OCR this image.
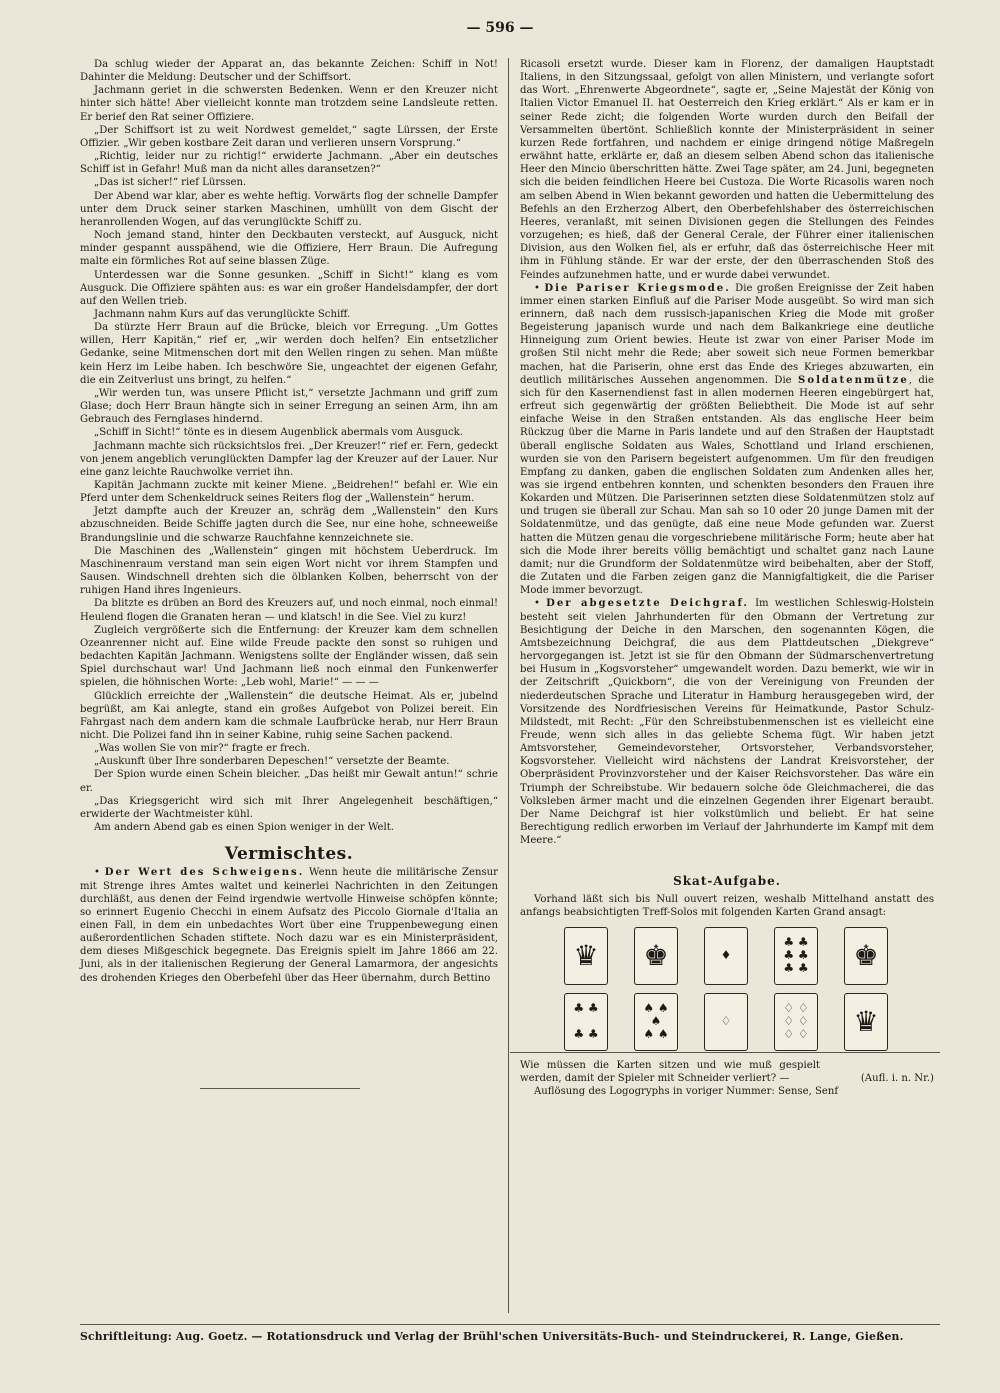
— 596 —

Da schlug wieder der Apparat an, das bekannte Zeichen: Schiff in Not! Dahinter die Meldung: Deutscher und der Schiffsort.

Jachmann geriet in die schwersten Bedenken. Wenn er den Kreuzer nicht hinter sich hätte! Aber vielleicht konnte man trotzdem seine Landsleute retten. Er berief den Rat seiner Offiziere.

„Der Schiffsort ist zu weit Nordwest gemeldet,“ sagte Lürssen, der Erste Offizier. „Wir geben kostbare Zeit daran und verlieren unsern Vorsprung.“

„Richtig, leider nur zu richtig!“ erwiderte Jachmann. „Aber ein deutsches Schiff ist in Gefahr! Muß man da nicht alles daransetzen?“

„Das ist sicher!“ rief Lürssen.

Der Abend war klar, aber es wehte heftig. Vorwärts flog der schnelle Dampfer unter dem Druck seiner starken Maschinen, umhüllt von dem Gischt der heranrollenden Wogen, auf das verunglückte Schiff zu.

Noch jemand stand, hinter den Deckbauten versteckt, auf Ausguck, nicht minder gespannt ausspähend, wie die Offiziere, Herr Braun. Die Aufregung malte ein förmliches Rot auf seine blassen Züge.

Unterdessen war die Sonne gesunken. „Schiff in Sicht!“ klang es vom Ausguck. Die Offiziere spähten aus: es war ein großer Handelsdampfer, der dort auf den Wellen trieb.

Jachmann nahm Kurs auf das verunglückte Schiff.

Da stürzte Herr Braun auf die Brücke, bleich vor Erregung. „Um Gottes willen, Herr Kapitän,“ rief er, „wir werden doch helfen? Ein entsetzlicher Gedanke, seine Mitmenschen dort mit den Wellen ringen zu sehen. Man müßte kein Herz im Leibe haben. Ich beschwöre Sie, ungeachtet der eigenen Gefahr, die ein Zeitverlust uns bringt, zu helfen.“

„Wir werden tun, was unsere Pflicht ist,“ versetzte Jachmann und griff zum Glase; doch Herr Braun hängte sich in seiner Erregung an seinen Arm, ihn am Gebrauch des Fernglases hindernd.

„Schiff in Sicht!“ tönte es in diesem Augenblick abermals vom Ausguck.

Jachmann machte sich rücksichtslos frei. „Der Kreuzer!“ rief er. Fern, gedeckt von jenem angeblich verunglückten Dampfer lag der Kreuzer auf der Lauer. Nur eine ganz leichte Rauchwolke verriet ihn.

Kapitän Jachmann zuckte mit keiner Miene. „Beidrehen!“ befahl er. Wie ein Pferd unter dem Schenkeldruck seines Reiters flog der „Wallenstein“ herum.

Jetzt dampfte auch der Kreuzer an, schräg dem „Wallenstein“ den Kurs abzuschneiden. Beide Schiffe jagten durch die See, nur eine hohe, schneeweiße Brandungslinie und die schwarze Rauchfahne kennzeichnete sie.

Die Maschinen des „Wallenstein“ gingen mit höchstem Ueberdruck. Im Maschinenraum verstand man sein eigen Wort nicht vor ihrem Stampfen und Sausen. Windschnell drehten sich die ölblanken Kolben, beherrscht von der ruhigen Hand ihres Ingenieurs.

Da blitzte es drüben an Bord des Kreuzers auf, und noch einmal, noch einmal! Heulend flogen die Granaten heran — und klatsch! in die See. Viel zu kurz!

Zugleich vergrößerte sich die Entfernung: der Kreuzer kam dem schnellen Ozeanrenner nicht auf. Eine wilde Freude packte den sonst so ruhigen und bedachten Kapitän Jachmann. Wenigstens sollte der Engländer wissen, daß sein Spiel durchschaut war! Und Jachmann ließ noch einmal den Funkenwerfer spielen, die höhnischen Worte: „Leb wohl, Marie!“ — — —

Glücklich erreichte der „Wallenstein“ die deutsche Heimat. Als er, jubelnd begrüßt, am Kai anlegte, stand ein großes Aufgebot von Polizei bereit. Ein Fahrgast nach dem andern kam die schmale Laufbrücke herab, nur Herr Braun nicht. Die Polizei fand ihn in seiner Kabine, ruhig seine Sachen packend.

„Was wollen Sie von mir?“ fragte er frech.

„Auskunft über Ihre sonderbaren Depeschen!“ versetzte der Beamte.

Der Spion wurde einen Schein bleicher. „Das heißt mir Gewalt antun!“ schrie er.

„Das Kriegsgericht wird sich mit Ihrer Angelegenheit beschäftigen,“ erwiderte der Wachtmeister kühl.

Am andern Abend gab es einen Spion weniger in der Welt.

Vermischtes.

• Der Wert des Schweigens. Wenn heute die militärische Zensur mit Strenge ihres Amtes waltet und keinerlei Nachrichten in den Zeitungen durchläßt, aus denen der Feind irgendwie wertvolle Hinweise schöpfen könnte; so erinnert Eugenio Checchi in einem Aufsatz des Piccolo Giornale d'Italia an einen Fall, in dem ein unbedachtes Wort über eine Truppenbewegung einen außerordentlichen Schaden stiftete. Noch dazu war es ein Ministerpräsident, dem dieses Mißgeschick begegnete. Das Ereignis spielt im Jahre 1866 am 22. Juni, als in der italienischen Regierung der General Lamarmora, der angesichts des drohenden Krieges den Oberbefehl über das Heer übernahm, durch Bettino

Ricasoli ersetzt wurde. Dieser kam in Florenz, der damaligen Hauptstadt Italiens, in den Sitzungssaal, gefolgt von allen Ministern, und verlangte sofort das Wort. „Ehrenwerte Abgeordnete“, sagte er, „Seine Majestät der König von Italien Victor Emanuel II. hat Oesterreich den Krieg erklärt.“ Als er kam er in seiner Rede zicht; die folgenden Worte wurden durch den Beifall der Versammelten übertönt. Schließlich konnte der Ministerpräsident in seiner kurzen Rede fortfahren, und nachdem er einige dringend nötige Maßregeln erwähnt hatte, erklärte er, daß an diesem selben Abend schon das italienische Heer den Mincio überschritten hätte. Zwei Tage später, am 24. Juni, begegneten sich die beiden feindlichen Heere bei Custoza. Die Worte Ricasolis waren noch am selben Abend in Wien bekannt geworden und hatten die Uebermittelung des Befehls an den Erzherzog Albert, den Oberbefehlshaber des österreichischen Heeres, veranlaßt, mit seinen Divisionen gegen die Stellungen des Feindes vorzugehen; es hieß, daß der General Cerale, der Führer einer italienischen Division, aus den Wolken fiel, als er erfuhr, daß das österreichische Heer mit ihm in Fühlung stände. Er war der erste, der den überraschenden Stoß des Feindes aufzunehmen hatte, und er wurde dabei verwundet.

• Die Pariser Kriegsmode. Die großen Ereignisse der Zeit haben immer einen starken Einfluß auf die Pariser Mode ausgeübt. So wird man sich erinnern, daß nach dem russisch-japanischen Krieg die Mode mit großer Begeisterung japanisch wurde und nach dem Balkankriege eine deutliche Hinneigung zum Orient bewies. Heute ist zwar von einer Pariser Mode im großen Stil nicht mehr die Rede; aber soweit sich neue Formen bemerkbar machen, hat die Pariserin, ohne erst das Ende des Krieges abzuwarten, ein deutlich militärisches Aussehen angenommen. Die Soldatenmütze, die sich für den Kasernendienst fast in allen modernen Heeren eingebürgert hat, erfreut sich gegenwärtig der größten Beliebtheit. Die Mode ist auf sehr einfache Weise in den Straßen entstanden. Als das englische Heer beim Rückzug über die Marne in Paris landete und auf den Straßen der Hauptstadt überall englische Soldaten aus Wales, Schottland und Irland erschienen, wurden sie von den Parisern begeistert aufgenommen. Um für den freudigen Empfang zu danken, gaben die englischen Soldaten zum Andenken alles her, was sie irgend entbehren konnten, und schenkten besonders den Frauen ihre Kokarden und Mützen. Die Pariserinnen setzten diese Soldatenmützen stolz auf und trugen sie überall zur Schau. Man sah so 10 oder 20 junge Damen mit der Soldatenmütze, und das genügte, daß eine neue Mode gefunden war. Zuerst hatten die Mützen genau die vorgeschriebene militärische Form; heute aber hat sich die Mode ihrer bereits völlig bemächtigt und schaltet ganz nach Laune damit; nur die Grundform der Soldatenmütze wird beibehalten, aber der Stoff, die Zutaten und die Farben zeigen ganz die Mannigfaltigkeit, die die Pariser Mode immer bevorzugt.

• Der abgesetzte Deichgraf. Im westlichen Schleswig-Holstein besteht seit vielen Jahrhunderten für den Obmann der Vertretung zur Besichtigung der Deiche in den Marschen, den sogenannten Kögen, die Amtsbezeichnung Deichgraf, die aus dem Plattdeutschen „Diekgreve“ hervorgegangen ist. Jetzt ist sie für den Obmann der Südmarschenvertretung bei Husum in „Kogsvorsteher“ umgewandelt worden. Dazu bemerkt, wie wir in der Zeitschrift „Quickborn“, die von der Vereinigung von Freunden der niederdeutschen Sprache und Literatur in Hamburg herausgegeben wird, der Vorsitzende des Nordfriesischen Vereins für Heimatkunde, Pastor Schulz-Mildstedt, mit Recht: „Für den Schreibstubenmenschen ist es vielleicht eine Freude, wenn sich alles in das geliebte Schema fügt. Wir haben jetzt Amtsvorsteher, Gemeindevorsteher, Ortsvorsteher, Verbandsvorsteher, Kogsvorsteher. Vielleicht wird nächstens der Landrat Kreisvorsteher, der Oberpräsident Provinzvorsteher und der Kaiser Reichsvorsteher. Das wäre ein Triumph der Schreibstube. Wir bedauern solche öde Gleichmacherei, die das Volksleben ärmer macht und die einzelnen Gegenden ihrer Eigenart beraubt. Der Name Deichgraf ist hier volkstümlich und beliebt. Er hat seine Berechtigung redlich erworben im Verlauf der Jahrhunderte im Kampf mit dem Meere.“

Skat-Aufgabe.

Vorhand läßt sich bis Null ouvert reizen, weshalb Mittelhand anstatt des anfangs beabsichtigten Treff-Solos mit folgenden Karten Grand ansagt:

♛ ♚	♦
♣ ♣
♣ ♣
♣ ♣ ♚
♣ ♣

♣ ♣
♠ ♠
♠
♠ ♠
♢
♢ ♢
♢ ♢
♢ ♢ ♛
Wie müssen die Karten sitzen und wie muß gespielt werden, damit der Spieler mit Schneider verliert? —	(Aufl. i. n. Nr.)

Auflösung des Logogryphs in voriger Nummer: Sense, Senf

Schriftleitung: Aug. Goetz. — Rotationsdruck und Verlag der Brühl'schen Universitäts-Buch- und Steindruckerei, R. Lange, Gießen.
